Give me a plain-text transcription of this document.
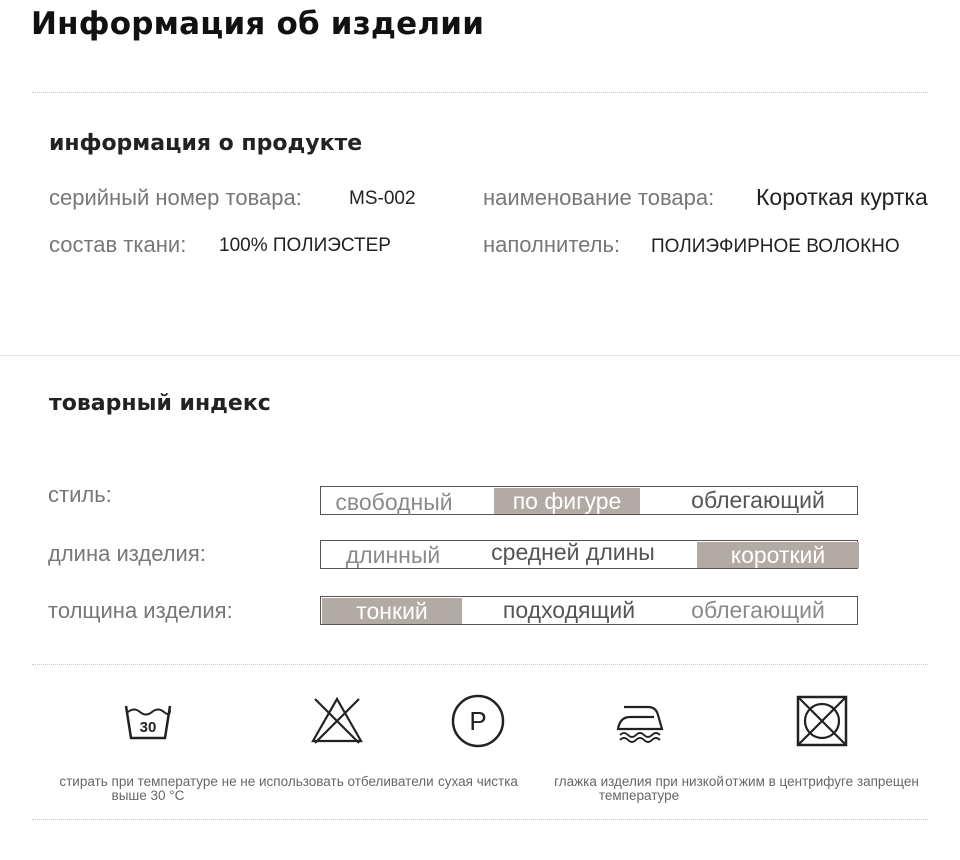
Информация об изделии
информация о продукте
серийный номер товара: MS-002	наименование товара: Короткая куртка
состав ткани: 100% ПОЛИЭСТЕР	наполнитель: ПОЛИЭФИРНОЕ ВОЛОКНО
товарный индекс
стиль:	свободный	по фигуре	облегающий
длина изделия:	длинный	средней длины	короткий
толщина изделия:	тонкий	подходящий	облегающий
30
стирать при температуре не выше 30 °C
не использовать отбеливатели
P
сухая чистка	глажка изделия при низкой температуре
отжим в центрифуге запрещен
